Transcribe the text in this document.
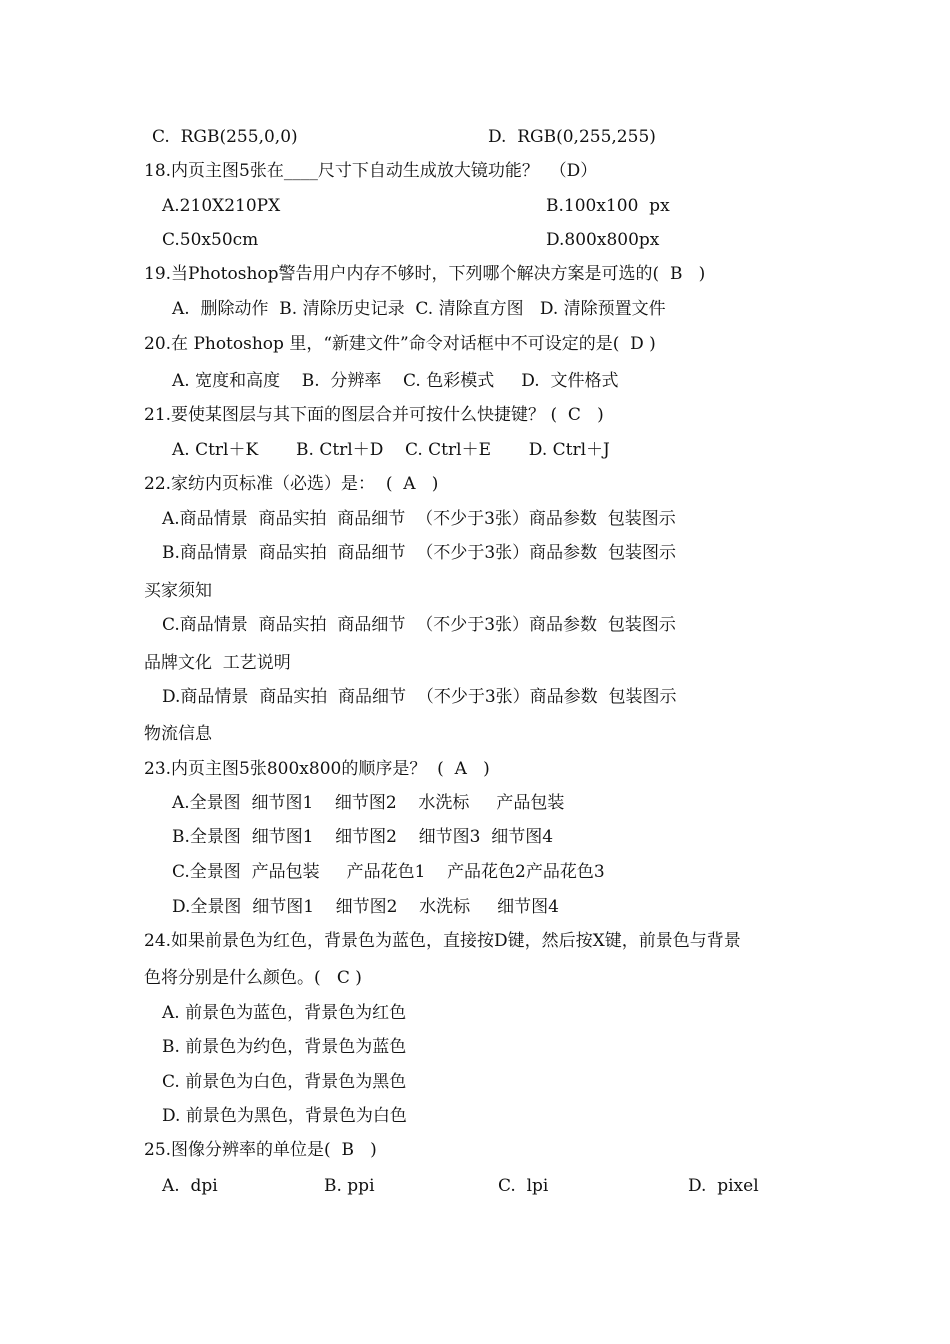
C.  RGB(255,0,0)	D.  RGB(0,255,255)
18.内页主图5张在____尺寸下自动生成放大镜功能？  （D）
A.210X210PX	B.100x100  px
C.50x50cm	D.800x800px
19.当Photoshop警告用户内存不够时，下列哪个解决方案是可选的(  B   )
A.  删除动作  B. 清除历史记录  C. 清除直方图   D. 清除预置文件
20.在 Photoshop 里，“新建文件”命令对话框中不可设定的是(  D )
A. 宽度和高度    B.  分辨率    C. 色彩模式     D.  文件格式
21.要使某图层与其下面的图层合并可按什么快捷键？ (  C   )
A. Ctrl＋K       B. Ctrl＋D    C. Ctrl＋E       D. Ctrl＋J
22.家纺内页标准（必选）是：  (  A   )
A.商品情景  商品实拍  商品细节  （不少于3张）商品参数  包装图示
B.商品情景  商品实拍  商品细节  （不少于3张）商品参数  包装图示
买家须知
C.商品情景  商品实拍  商品细节  （不少于3张）商品参数  包装图示
品牌文化  工艺说明
D.商品情景  商品实拍  商品细节  （不少于3张）商品参数  包装图示
物流信息
23.内页主图5张800x800的顺序是？  (  A   )
A.全景图  细节图1    细节图2    水洗标     产品包装
B.全景图  细节图1    细节图2    细节图3  细节图4
C.全景图  产品包装     产品花色1    产品花色2产品花色3
D.全景图  细节图1    细节图2    水洗标     细节图4
24.如果前景色为红色，背景色为蓝色，直接按D键，然后按X键，前景色与背景
色将分别是什么颜色。(   C )
A. 前景色为蓝色，背景色为红色
B. 前景色为约色，背景色为蓝色
C. 前景色为白色，背景色为黑色
D. 前景色为黑色，背景色为白色
25.图像分辨率的单位是(  B   )
A.  dpi	B. ppi	C.  lpi	D.  pixel
